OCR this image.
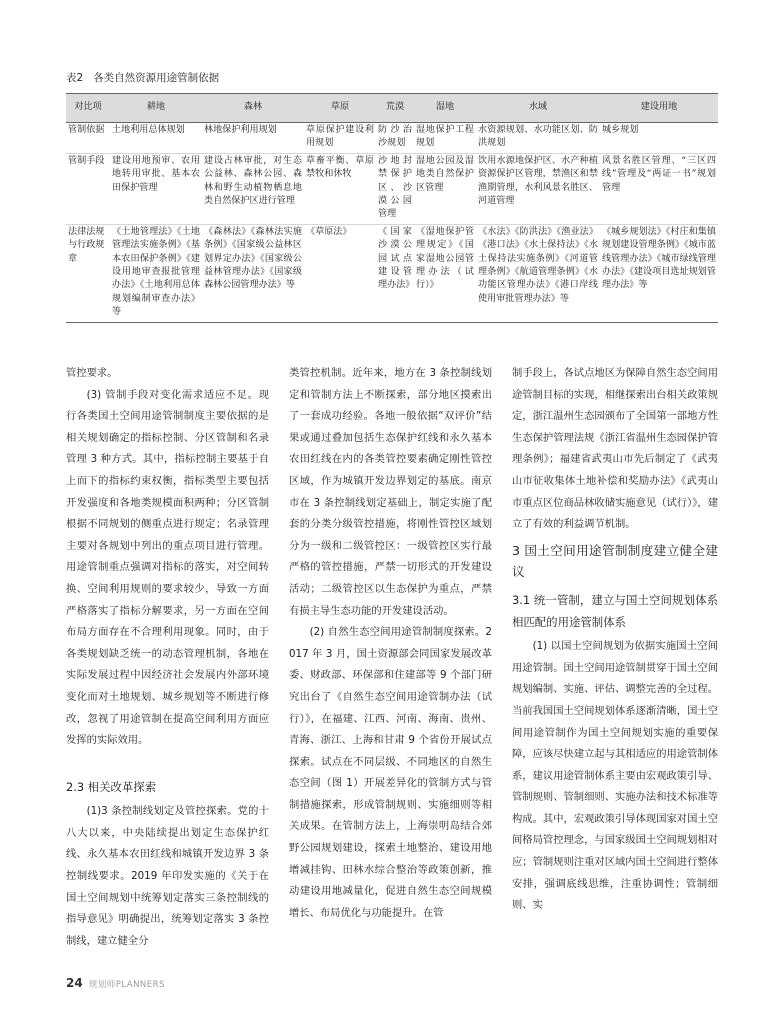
表2 各类自然资源用途管制依据
对比项	耕地	森林	草原	荒漠	湿地	水域	建设用地
管制依据	土地利用总体规划	林地保护利用规划	草原保护建设利用规划	防沙治沙规划	湿地保护工程规划	水资源规划、水功能区划、防洪规划	城乡规划
管制手段	建设用地预审、农用地转用审批、基本农田保护管理	建设占林审批，对生态公益林、森林公园、森林和野生动植物栖息地类自然保护区进行管理	草畜平衡、草原禁牧和休牧	沙地封禁保护区、沙漠公园管理	湿地公园及湿地类自然保护区管理	饮用水源地保护区、水产种植资源保护区管理，禁渔区和禁渔期管理，水利风景名胜区、河道管理	风景名胜区管理、“三区四线”管理及“两证一书”规划管理
法律法规与行政规章	《土地管理法》《土地管理法实施条例》《基本农田保护条例》《建设用地审查报批管理办法》《土地利用总体规划编制审查办法》等	《森林法》《森林法实施条例》《国家级公益林区划界定办法》《国家级公益林管理办法》《国家级森林公园管理办法》等	《草原法》	《国家沙漠公园试点建设管理办法》	《湿地保护管理规定》《国家湿地公园管理办法（试行）》	《水法》《防洪法》《渔业法》《港口法》《水土保持法》《水土保持法实施条例》《河道管理条例》《航道管理条例》《水功能区管理办法》《港口岸线使用审批管理办法》等	《城乡规划法》《村庄和集镇规划建设管理条例》《城市蓝线管理办法》《城市绿线管理办法》《建设项目选址规划管理办法》等

管控要求。

(3) 管制手段对变化需求适应不足。现行各类国土空间用途管制制度主要依据的是相关规划确定的指标控制、分区管制和名录管理 3 种方式。其中，指标控制主要基于自上而下的指标约束权衡，指标类型主要包括开发强度和各地类规模面积两种；分区管制根据不同规划的侧重点进行规定；名录管理主要对各规划中列出的重点项目进行管理。用途管制重点强调对指标的落实，对空间转换、空间利用规则的要求较少，导致一方面严格落实了指标分解要求，另一方面在空间布局方面存在不合理利用现象。同时，由于各类规划缺乏统一的动态管理机制，各地在实际发展过程中因经济社会发展内外部环境变化而对土地规划、城乡规划等不断进行修改，忽视了用途管制在提高空间利用方面应发挥的实际效用。

2.3 相关改革探索

(1)3 条控制线划定及管控探索。党的十八大以来，中央陆续提出划定生态保护红线、永久基本农田红线和城镇开发边界 3 条控制线要求。2019 年印发实施的《关于在国土空间规划中统筹划定落实三条控制线的指导意见》明确提出，统筹划定落实 3 条控制线，建立健全分

类管控机制。近年来，地方在 3 条控制线划定和管制方法上不断探索，部分地区摸索出了一套成功经验。各地一般依据“双评价”结果或通过叠加包括生态保护红线和永久基本农田红线在内的各类管控要素确定刚性管控区域，作为城镇开发边界划定的基底。南京市在 3 条控制线划定基础上，制定实施了配套的分类分级管控措施，将刚性管控区域划分为一级和二级管控区：一级管控区实行最严格的管控措施，严禁一切形式的开发建设活动；二级管控区以生态保护为重点，严禁有损主导生态功能的开发建设活动。

(2) 自然生态空间用途管制制度探索。2017 年 3 月，国土资源部会同国家发展改革委、财政部、环保部和住建部等 9 个部门研究出台了《自然生态空间用途管制办法（试行）》，在福建、江西、河南、海南、贵州、青海、浙江、上海和甘肃 9 个省份开展试点探索。试点在不同层级、不同地区的自然生态空间（图 1）开展差异化的管制方式与管制措施探索，形成管制规则、实施细则等相关成果。在管制方法上，上海崇明岛结合郊野公园规划建设，探索土地整治、建设用地增减挂钩、田林水综合整治等政策创新，推动建设用地减量化，促进自然生态空间规模增长、布局优化与功能提升。在管

制手段上，各试点地区为保障自然生态空间用途管制目标的实现，相继探索出台相关政策规定，浙江温州生态园颁布了全国第一部地方性生态保护管理法规《浙江省温州生态园保护管理条例》；福建省武夷山市先后制定了《武夷山市征收集体土地补偿和奖励办法》《武夷山市重点区位商品林收储实施意见（试行）》，建立了有效的利益调节机制。

3 国土空间用途管制制度建立健全建议
3.1 统一管制，建立与国土空间规划体系相匹配的用途管制体系

(1) 以国土空间规划为依据实施国土空间用途管制。国土空间用途管制贯穿于国土空间规划编制、实施、评估、调整完善的全过程。当前我国国土空间规划体系逐渐清晰，国土空间用途管制作为国土空间规划实施的重要保障，应该尽快建立起与其相适应的用途管制体系，建议用途管制体系主要由宏观政策引导、管制规则、管制细则、实施办法和技术标准等构成。其中，宏观政策引导体现国家对国土空间格局管控理念，与国家级国土空间规划相对应；管制规则注重对区域内国土空间进行整体安排，强调底线思维，注重协调性；管制细则、实

24 规划师PLANNERS
